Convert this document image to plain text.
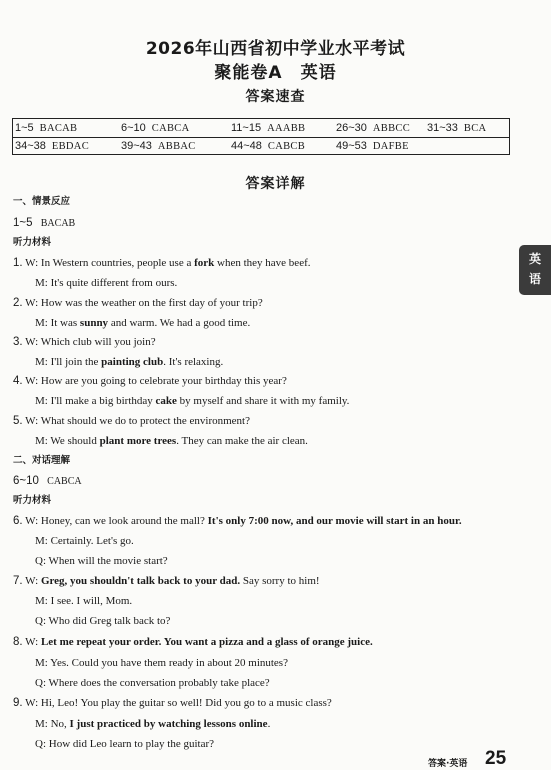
2026年山西省初中学业水平考试
聚能卷A　英语
答案速查
1~5 BACAB	6~10 CABCA	11~15 AAABB	26~30 ABBCC 31~33 BCA
34~38 EBDAC	39~43 ABBAC	44~48 CABCB	49~53 DAFBE
答案详解
一、情景反应
1~5 BACAB
听力材料
1. W: In Western countries, people use a fork when they have beef.
M: It's quite different from ours.
2. W: How was the weather on the first day of your trip?
M: It was sunny and warm. We had a good time.
3. W: Which club will you join?
M: I'll join the painting club. It's relaxing.
4. W: How are you going to celebrate your birthday this year?
M: I'll make a big birthday cake by myself and share it with my family.
5. W: What should we do to protect the environment?
M: We should plant more trees. They can make the air clean.
二、对话理解
6~10 CABCA
听力材料
6. W: Honey, can we look around the mall? It's only 7:00 now, and our movie will start in an hour.
M: Certainly. Let's go.
Q: When will the movie start?
7. W: Greg, you shouldn't talk back to your dad. Say sorry to him!
M: I see. I will, Mom.
Q: Who did Greg talk back to?
8. W: Let me repeat your order. You want a pizza and a glass of orange juice.
M: Yes. Could you have them ready in about 20 minutes?
Q: Where does the conversation probably take place?
9. W: Hi, Leo! You play the guitar so well! Did you go to a music class?
M: No, I just practiced by watching lessons online.
Q: How did Leo learn to play the guitar?
英
语
答案·英语 25
